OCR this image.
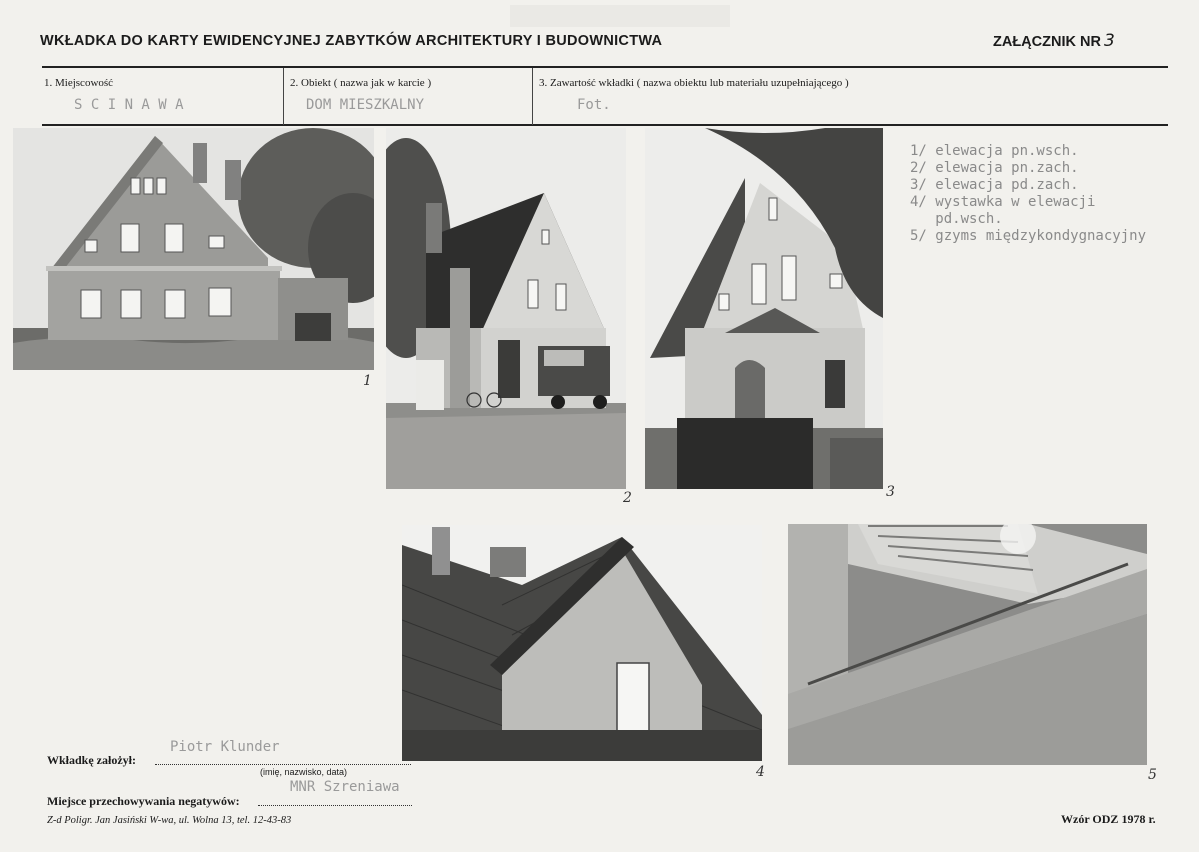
WKŁADKA DO KARTY EWIDENCYJNEJ ZABYTKÓW ARCHITEKTURY I BUDOWNICTWA	ZAŁĄCZNIK NR 3
1. Miejscowość
S C I N A W A
2. Obiekt ( nazwa jak w karcie )
DOM MIESZKALNY
3. Zawartość wkładki ( nazwa obiektu lub materiału uzupełniającego )
Fot.
1
2	3
4	5
1/ elewacja pn.wsch.
2/ elewacja pn.zach.
3/ elewacja pd.zach.
4/ wystawka w elewacji
pd.wsch.
5/ gzyms międzykondygnacyjny
Piotr Klunder
Wkładkę założył:
(imię, nazwisko, data)
MNR Szreniawa
Miejsce przechowywania negatywów:
Z-d Poligr. Jan Jasiński W-wa, ul. Wolna 13, tel. 12-43-83	Wzór ODZ 1978 r.
